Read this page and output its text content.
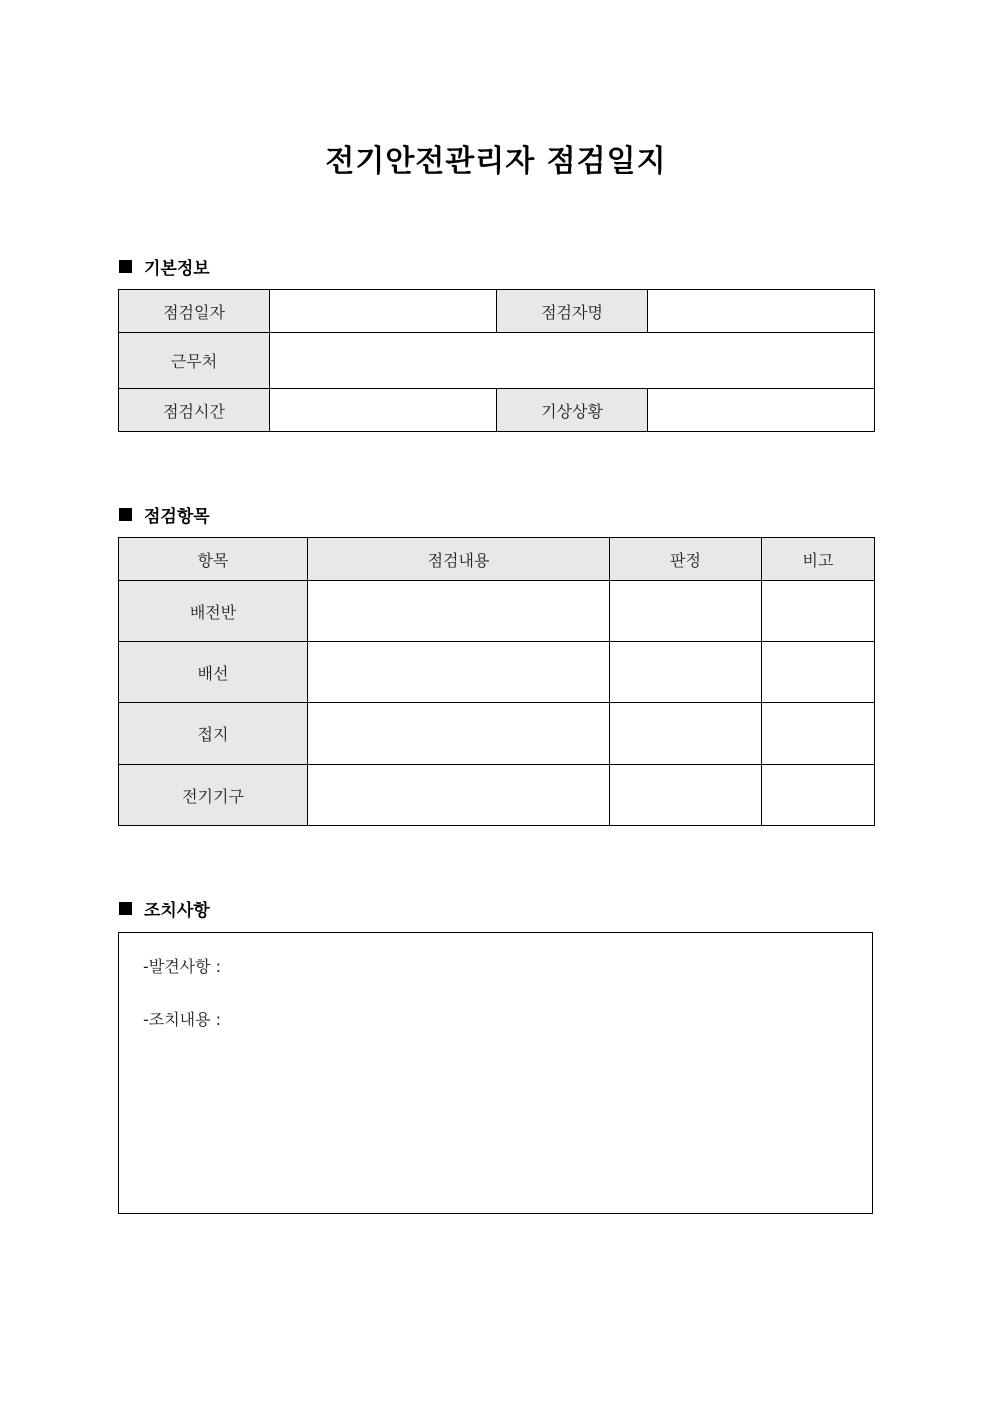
전기안전관리자 점검일지
기본정보
점검일자		점검자명	
근무처			
점검시간		기상상황	
점검항목
항목	점검내용	판정	비고
배전반			
배선			
접지			
전기기구			
조치사항
-발견사항 :
-조치내용 :
